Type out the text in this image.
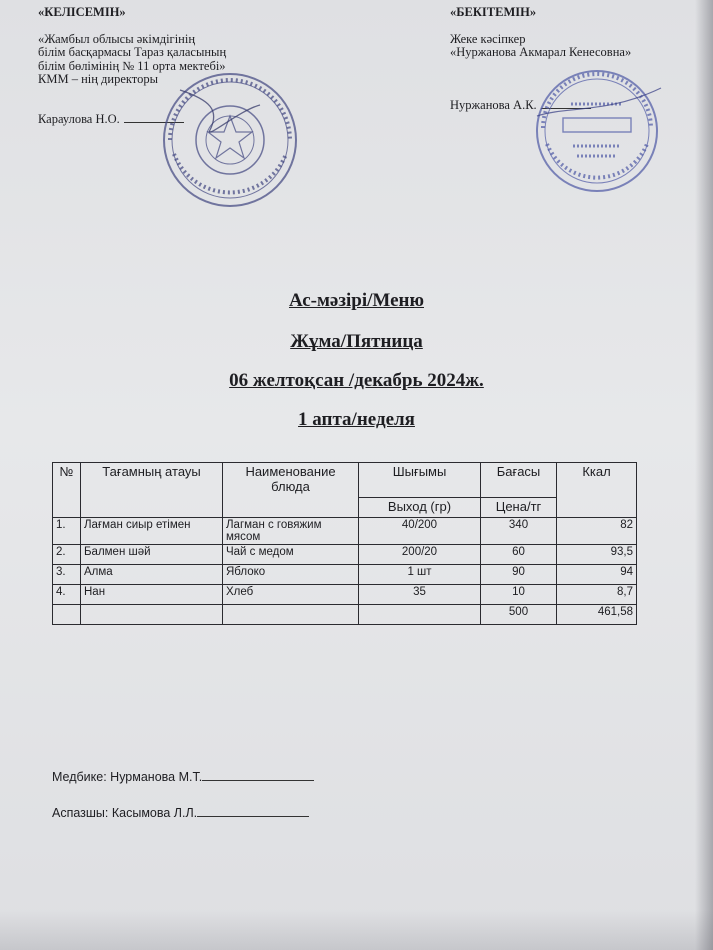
«КЕЛІСЕМІН»
«Жамбыл облысы әкімдігінің
білім басқармасы Тараз қаласының
білім бөлімінің № 11 орта мектебі»
КММ – нің директоры
Караулова Н.О.
«БЕКІТЕМІН»
Жеке кәсіпкер
«Нуржанова Акмарал Кенесовна»
Нуржанова А.К.
Ас-мәзірі/Меню
Жұма/Пятница
06 желтоқсан /декабрь 2024ж.
1 апта/неделя
№	Тағамның атауы	Наименование блюда	Шығымы	Бағасы	Ккал
			Выход (гр)	Цена/тг	
1.	Лағман сиыр етімен	Лагман с говяжим мясом	40/200	340	82
2.	Балмен шәй	Чай с медом	200/20	60	93,5
3.	Алма	Яблоко	1 шт	90	94
4.	Нан	Хлеб	35	10	8,7
				500	461,58
Медбике: Нурманова М.Т.
Аспазшы: Касымова Л.Л.
